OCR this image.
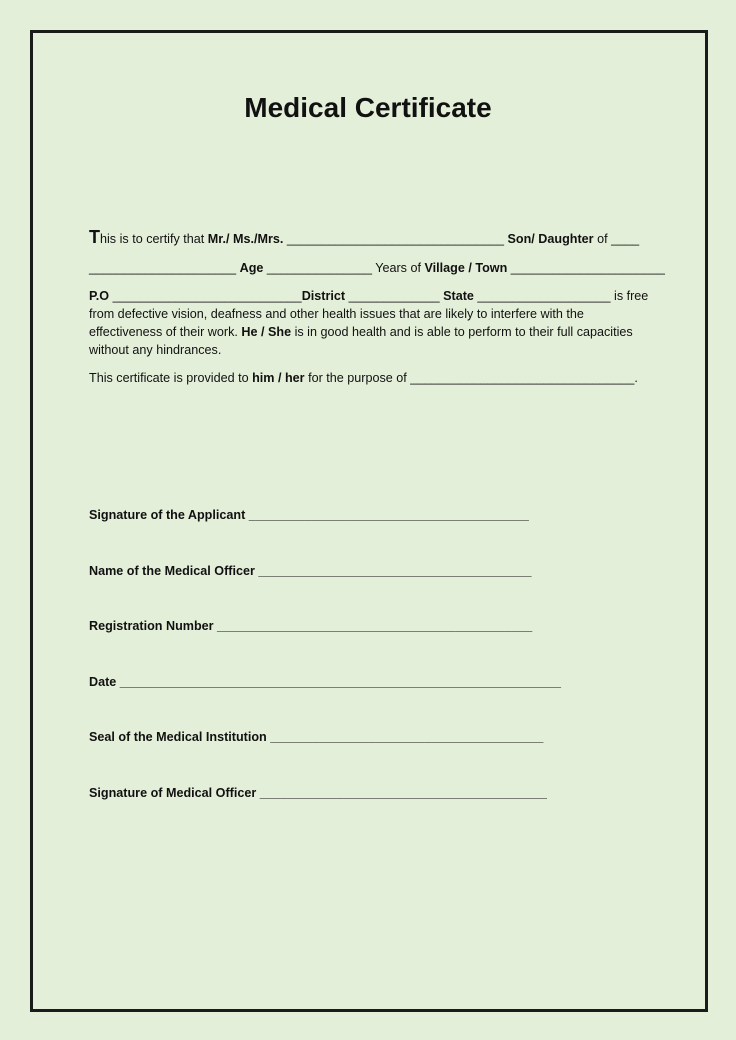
Medical Certificate
This is to certify that Mr./ Ms./Mrs. _______________________________ Son/ Daughter of ____
_____________________ Age _______________ Years of Village / Town ______________________
P.O ___________________________District _____________ State ___________________ is free from defective vision, deafness and other health issues that are likely to interfere with the effectiveness of their work. He / She is in good health and is able to perform to their full capacities without any hindrances.
This certificate is provided to him / her for the purpose of ________________________________.
Signature of the Applicant ________________________________________
Name of the Medical Officer _______________________________________
Registration Number _____________________________________________
Date _______________________________________________________________
Seal of the Medical Institution _______________________________________
Signature of Medical Officer _________________________________________
